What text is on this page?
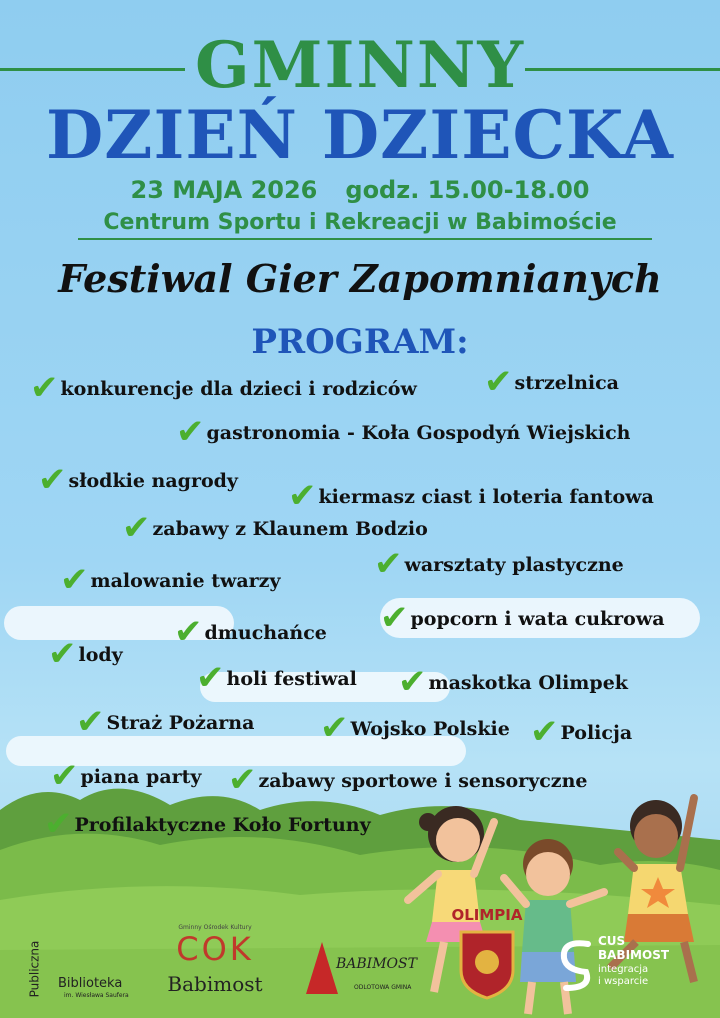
GMINNY
DZIEŃ DZIECKA
23 MAJA 2026 godz. 15.00-18.00
Centrum Sportu i Rekreacji w Babimoście
Festiwal Gier Zapomnianych
PROGRAM:
✔ konkurencje dla dzieci i rodziców ✔ strzelnica
✔ gastronomia - Koła Gospodyń Wiejskich
✔ słodkie nagrody ✔ kiermasz ciast i loteria fantowa
✔ zabawy z Klaunem Bodzio
✔ malowanie twarzy	✔ warsztaty plastyczne
✔ popcorn i wata cukrowa
✔ lody
✔ dmuchańce
✔ holi festiwal ✔ maskotka Olimpek
✔ Straż Pożarna ✔ Wojsko Polskie ✔ Policja
✔ piana party ✔ zabawy sportowe i sensoryczne
✔ Profilaktyczne Koło Fortuny
Publiczna Biblioteka
im. Wiesława Saufera
Gminny Ośrodek Kultury
COK
Babimost
BABIMOST
ODLOTOWA GMINA
OLIMPIA
CUS
BABIMOST
integracja
i wsparcie
